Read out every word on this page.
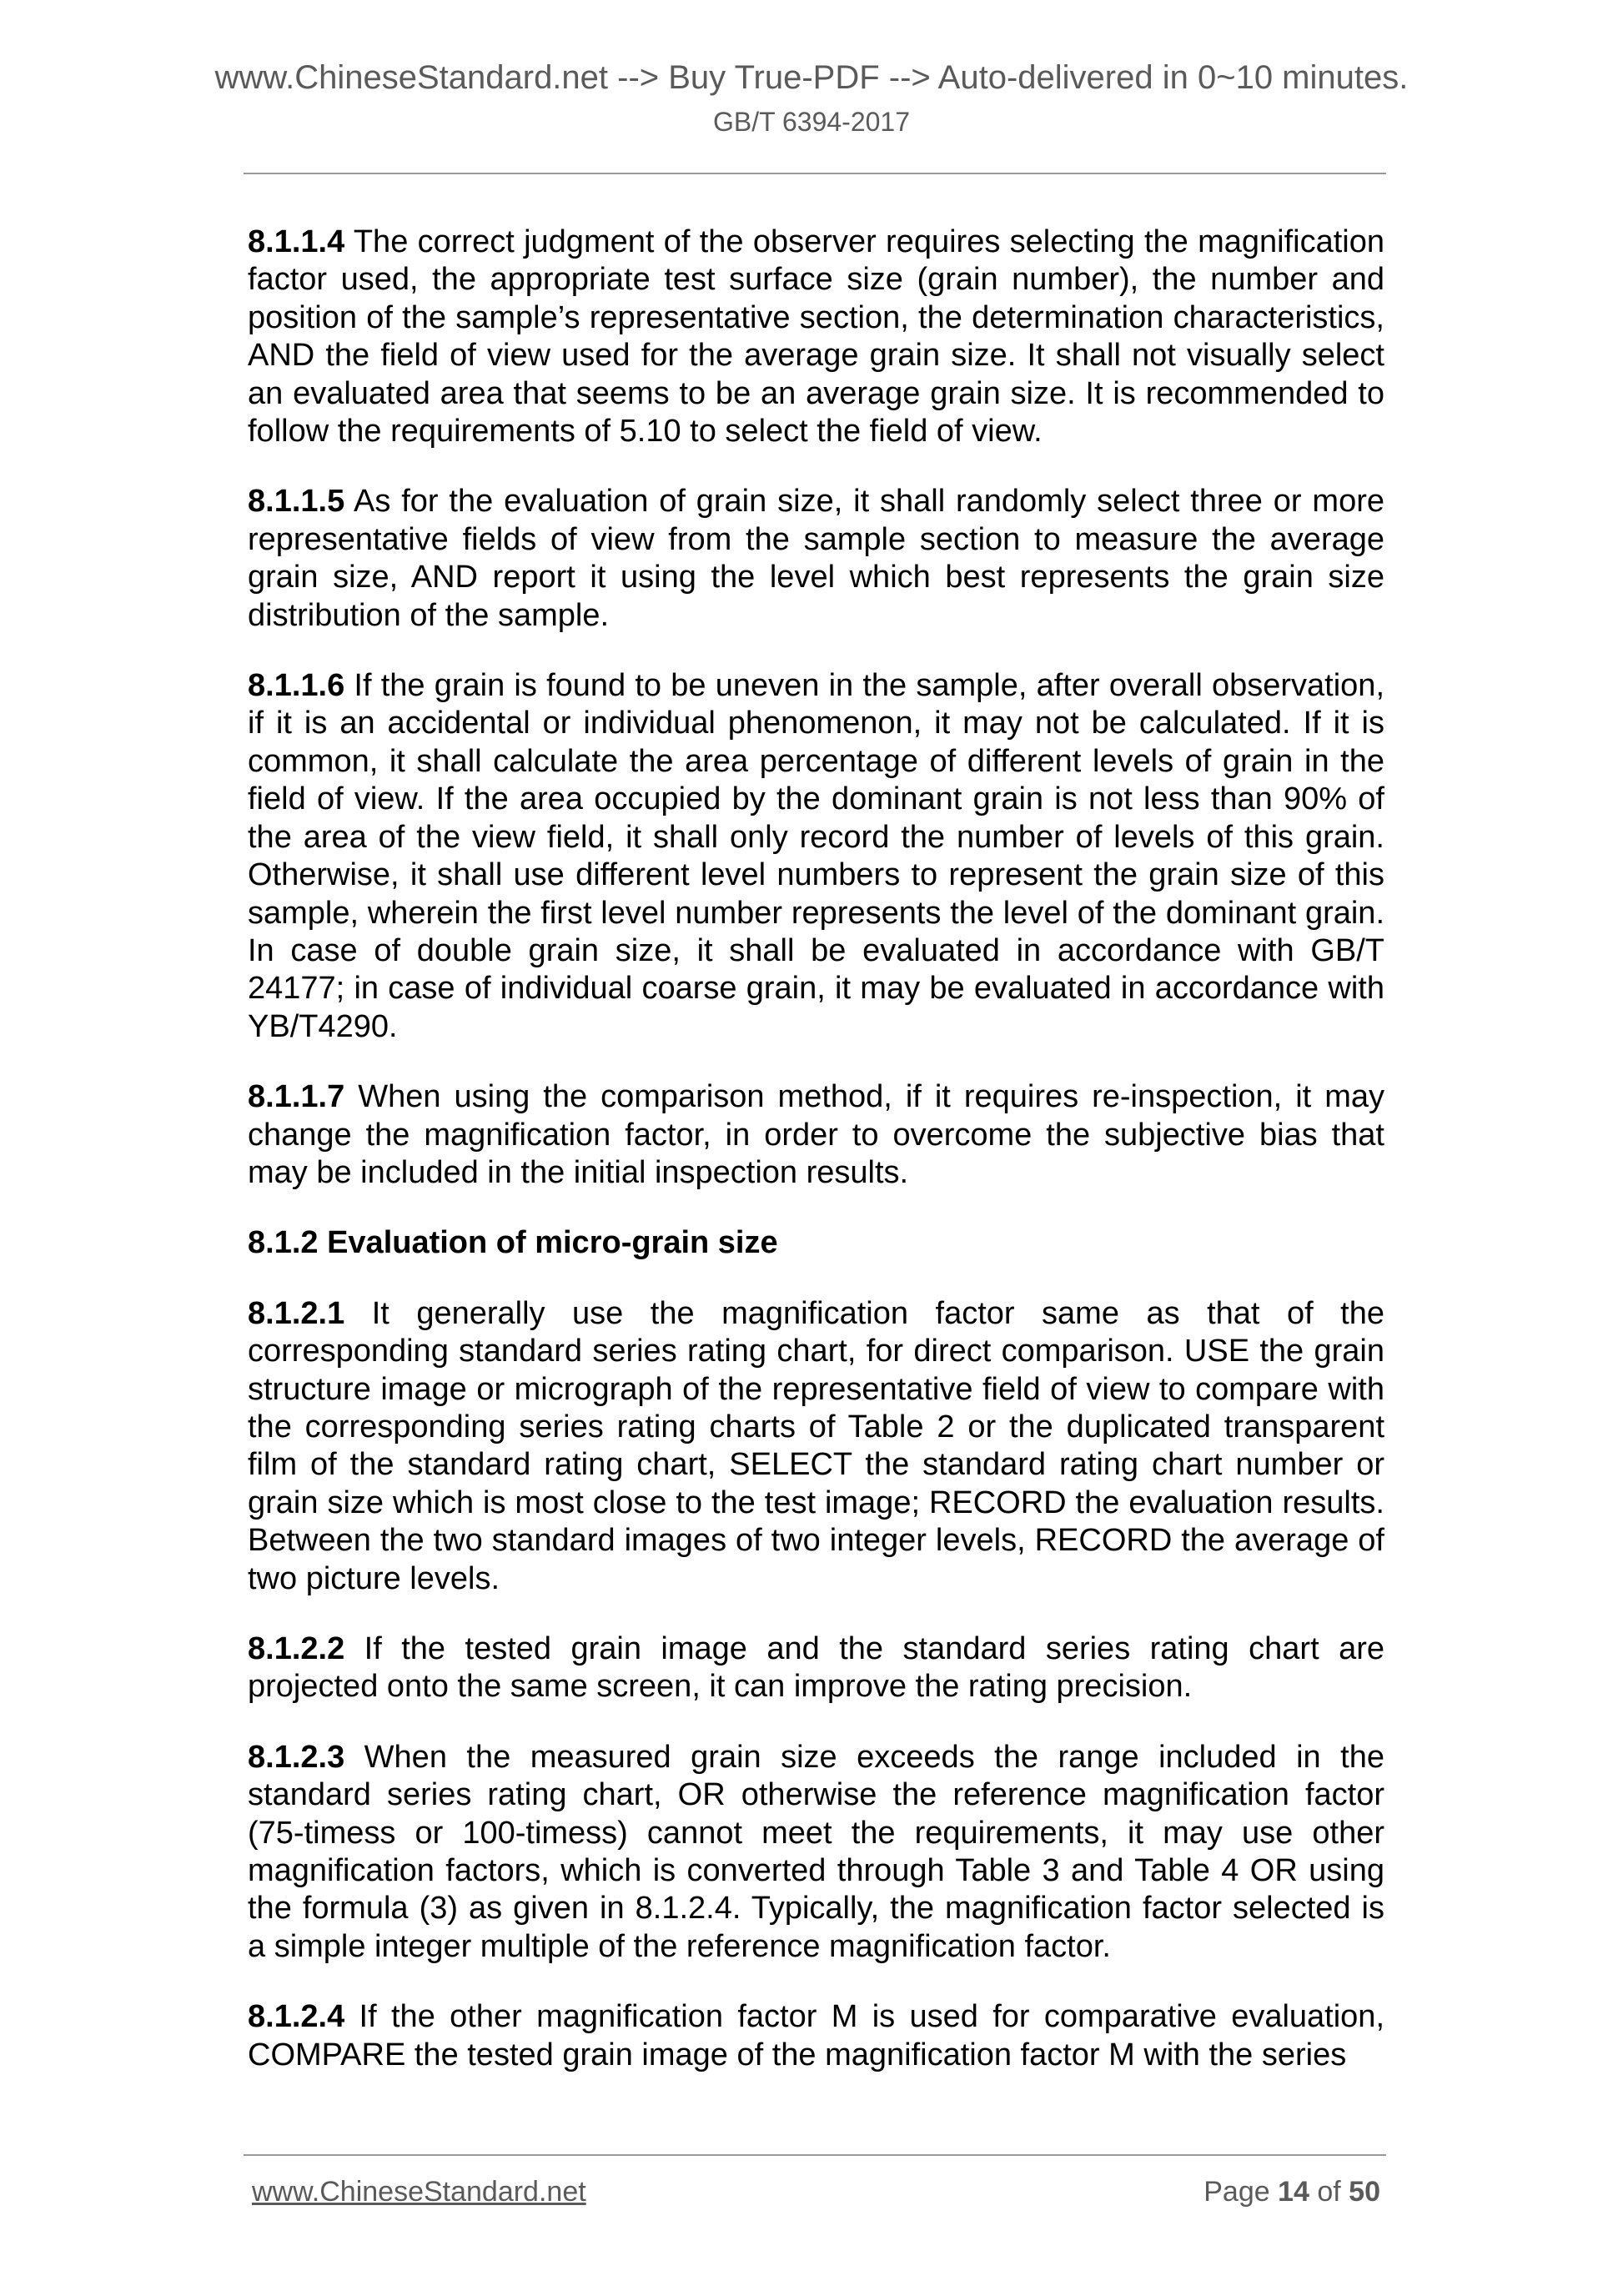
www.ChineseStandard.net --> Buy True-PDF --> Auto-delivered in 0~10 minutes.
GB/T 6394-2017

8.1.1.4 The correct judgment of the observer requires selecting the magnification factor used, the appropriate test surface size (grain number), the number and position of the sample’s representative section, the determination characteristics, AND the field of view used for the average grain size. It shall not visually select an evaluated area that seems to be an average grain size. It is recommended to follow the requirements of 5.10 to select the field of view.

8.1.1.5 As for the evaluation of grain size, it shall randomly select three or more representative fields of view from the sample section to measure the average grain size, AND report it using the level which best represents the grain size distribution of the sample.

8.1.1.6 If the grain is found to be uneven in the sample, after overall observation, if it is an accidental or individual phenomenon, it may not be calculated. If it is common, it shall calculate the area percentage of different levels of grain in the field of view. If the area occupied by the dominant grain is not less than 90% of the area of the view field, it shall only record the number of levels of this grain. Otherwise, it shall use different level numbers to represent the grain size of this sample, wherein the first level number represents the level of the dominant grain. In case of double grain size, it shall be evaluated in accordance with GB/T 24177; in case of individual coarse grain, it may be evaluated in accordance with YB/T4290.

8.1.1.7 When using the comparison method, if it requires re-inspection, it may change the magnification factor, in order to overcome the subjective bias that may be included in the initial inspection results.

8.1.2 Evaluation of micro-grain size

8.1.2.1 It generally use the magnification factor same as that of the corresponding standard series rating chart, for direct comparison. USE the grain structure image or micrograph of the representative field of view to compare with the corresponding series rating charts of Table 2 or the duplicated transparent film of the standard rating chart, SELECT the standard rating chart number or grain size which is most close to the test image; RECORD the evaluation results. Between the two standard images of two integer levels, RECORD the average of two picture levels.

8.1.2.2 If the tested grain image and the standard series rating chart are projected onto the same screen, it can improve the rating precision.

8.1.2.3 When the measured grain size exceeds the range included in the standard series rating chart, OR otherwise the reference magnification factor (75-timess or 100-timess) cannot meet the requirements, it may use other magnification factors, which is converted through Table 3 and Table 4 OR using the formula (3) as given in 8.1.2.4. Typically, the magnification factor selected is a simple integer multiple of the reference magnification factor.

8.1.2.4 If the other magnification factor M is used for comparative evaluation, COMPARE the tested grain image of the magnification factor M with the series

www.ChineseStandard.net	Page 14 of 50
